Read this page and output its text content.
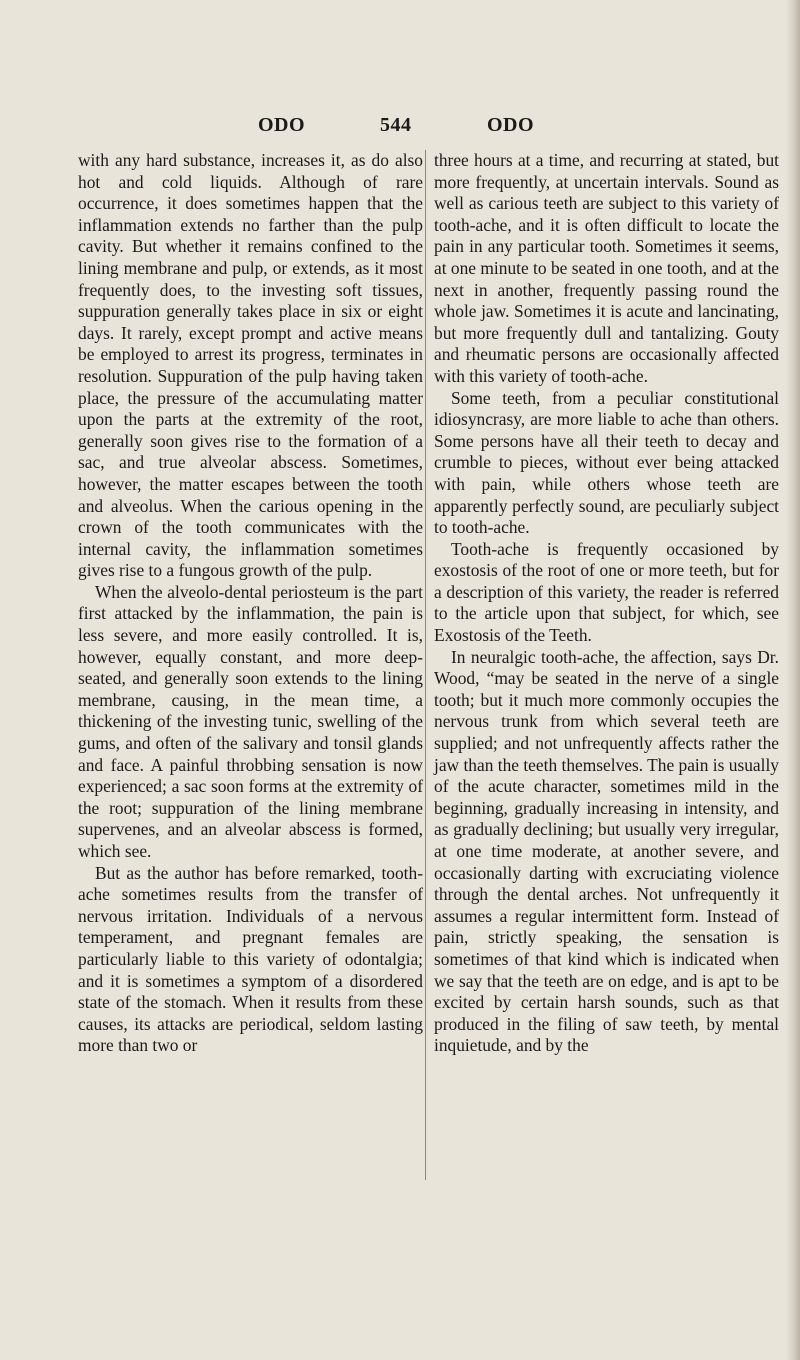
ODO	544	ODO

with any hard substance, increases it, as do also hot and cold liquids. Although of rare occurrence, it does sometimes happen that the inflammation extends no farther than the pulp cavity. But whether it remains confined to the lining membrane and pulp, or extends, as it most frequently does, to the investing soft tissues, suppuration generally takes place in six or eight days. It rarely, except prompt and active means be employed to arrest its progress, terminates in resolution. Suppuration of the pulp having taken place, the pressure of the accumulating matter upon the parts at the extremity of the root, generally soon gives rise to the formation of a sac, and true alveolar abscess. Sometimes, however, the matter escapes between the tooth and alveolus. When the carious opening in the crown of the tooth communicates with the internal cavity, the inflammation sometimes gives rise to a fungous growth of the pulp.

When the alveolo-dental periosteum is the part first attacked by the inflammation, the pain is less severe, and more easily controlled. It is, however, equally constant, and more deep-seated, and generally soon extends to the lining membrane, causing, in the mean time, a thickening of the investing tunic, swelling of the gums, and often of the salivary and tonsil glands and face. A painful throbbing sensation is now experienced; a sac soon forms at the extremity of the root; suppuration of the lining membrane supervenes, and an alveolar abscess is formed, which see.

But as the author has before remarked, tooth-ache sometimes results from the transfer of nervous irritation. Individuals of a nervous temperament, and pregnant females are particularly liable to this variety of odontalgia; and it is sometimes a symptom of a disordered state of the stomach. When it results from these causes, its attacks are periodical, seldom lasting more than two or

three hours at a time, and recurring at stated, but more frequently, at uncertain intervals. Sound as well as carious teeth are subject to this variety of tooth-ache, and it is often difficult to locate the pain in any particular tooth. Sometimes it seems, at one minute to be seated in one tooth, and at the next in another, frequently passing round the whole jaw. Sometimes it is acute and lancinating, but more frequently dull and tantalizing. Gouty and rheumatic persons are occasionally affected with this variety of tooth-ache.

Some teeth, from a peculiar constitutional idiosyncrasy, are more liable to ache than others. Some persons have all their teeth to decay and crumble to pieces, without ever being attacked with pain, while others whose teeth are apparently perfectly sound, are peculiarly subject to tooth-ache.

Tooth-ache is frequently occasioned by exostosis of the root of one or more teeth, but for a description of this variety, the reader is referred to the article upon that subject, for which, see Exostosis of the Teeth.

In neuralgic tooth-ache, the affection, says Dr. Wood, “may be seated in the nerve of a single tooth; but it much more commonly occupies the nervous trunk from which several teeth are supplied; and not unfrequently affects rather the jaw than the teeth themselves. The pain is usually of the acute character, sometimes mild in the beginning, gradually increasing in intensity, and as gradually declining; but usually very irregular, at one time moderate, at another severe, and occasionally darting with excruciating violence through the dental arches. Not unfrequently it assumes a regular intermittent form. Instead of pain, strictly speaking, the sensation is sometimes of that kind which is indicated when we say that the teeth are on edge, and is apt to be excited by certain harsh sounds, such as that produced in the filing of saw teeth, by mental inquietude, and by the
